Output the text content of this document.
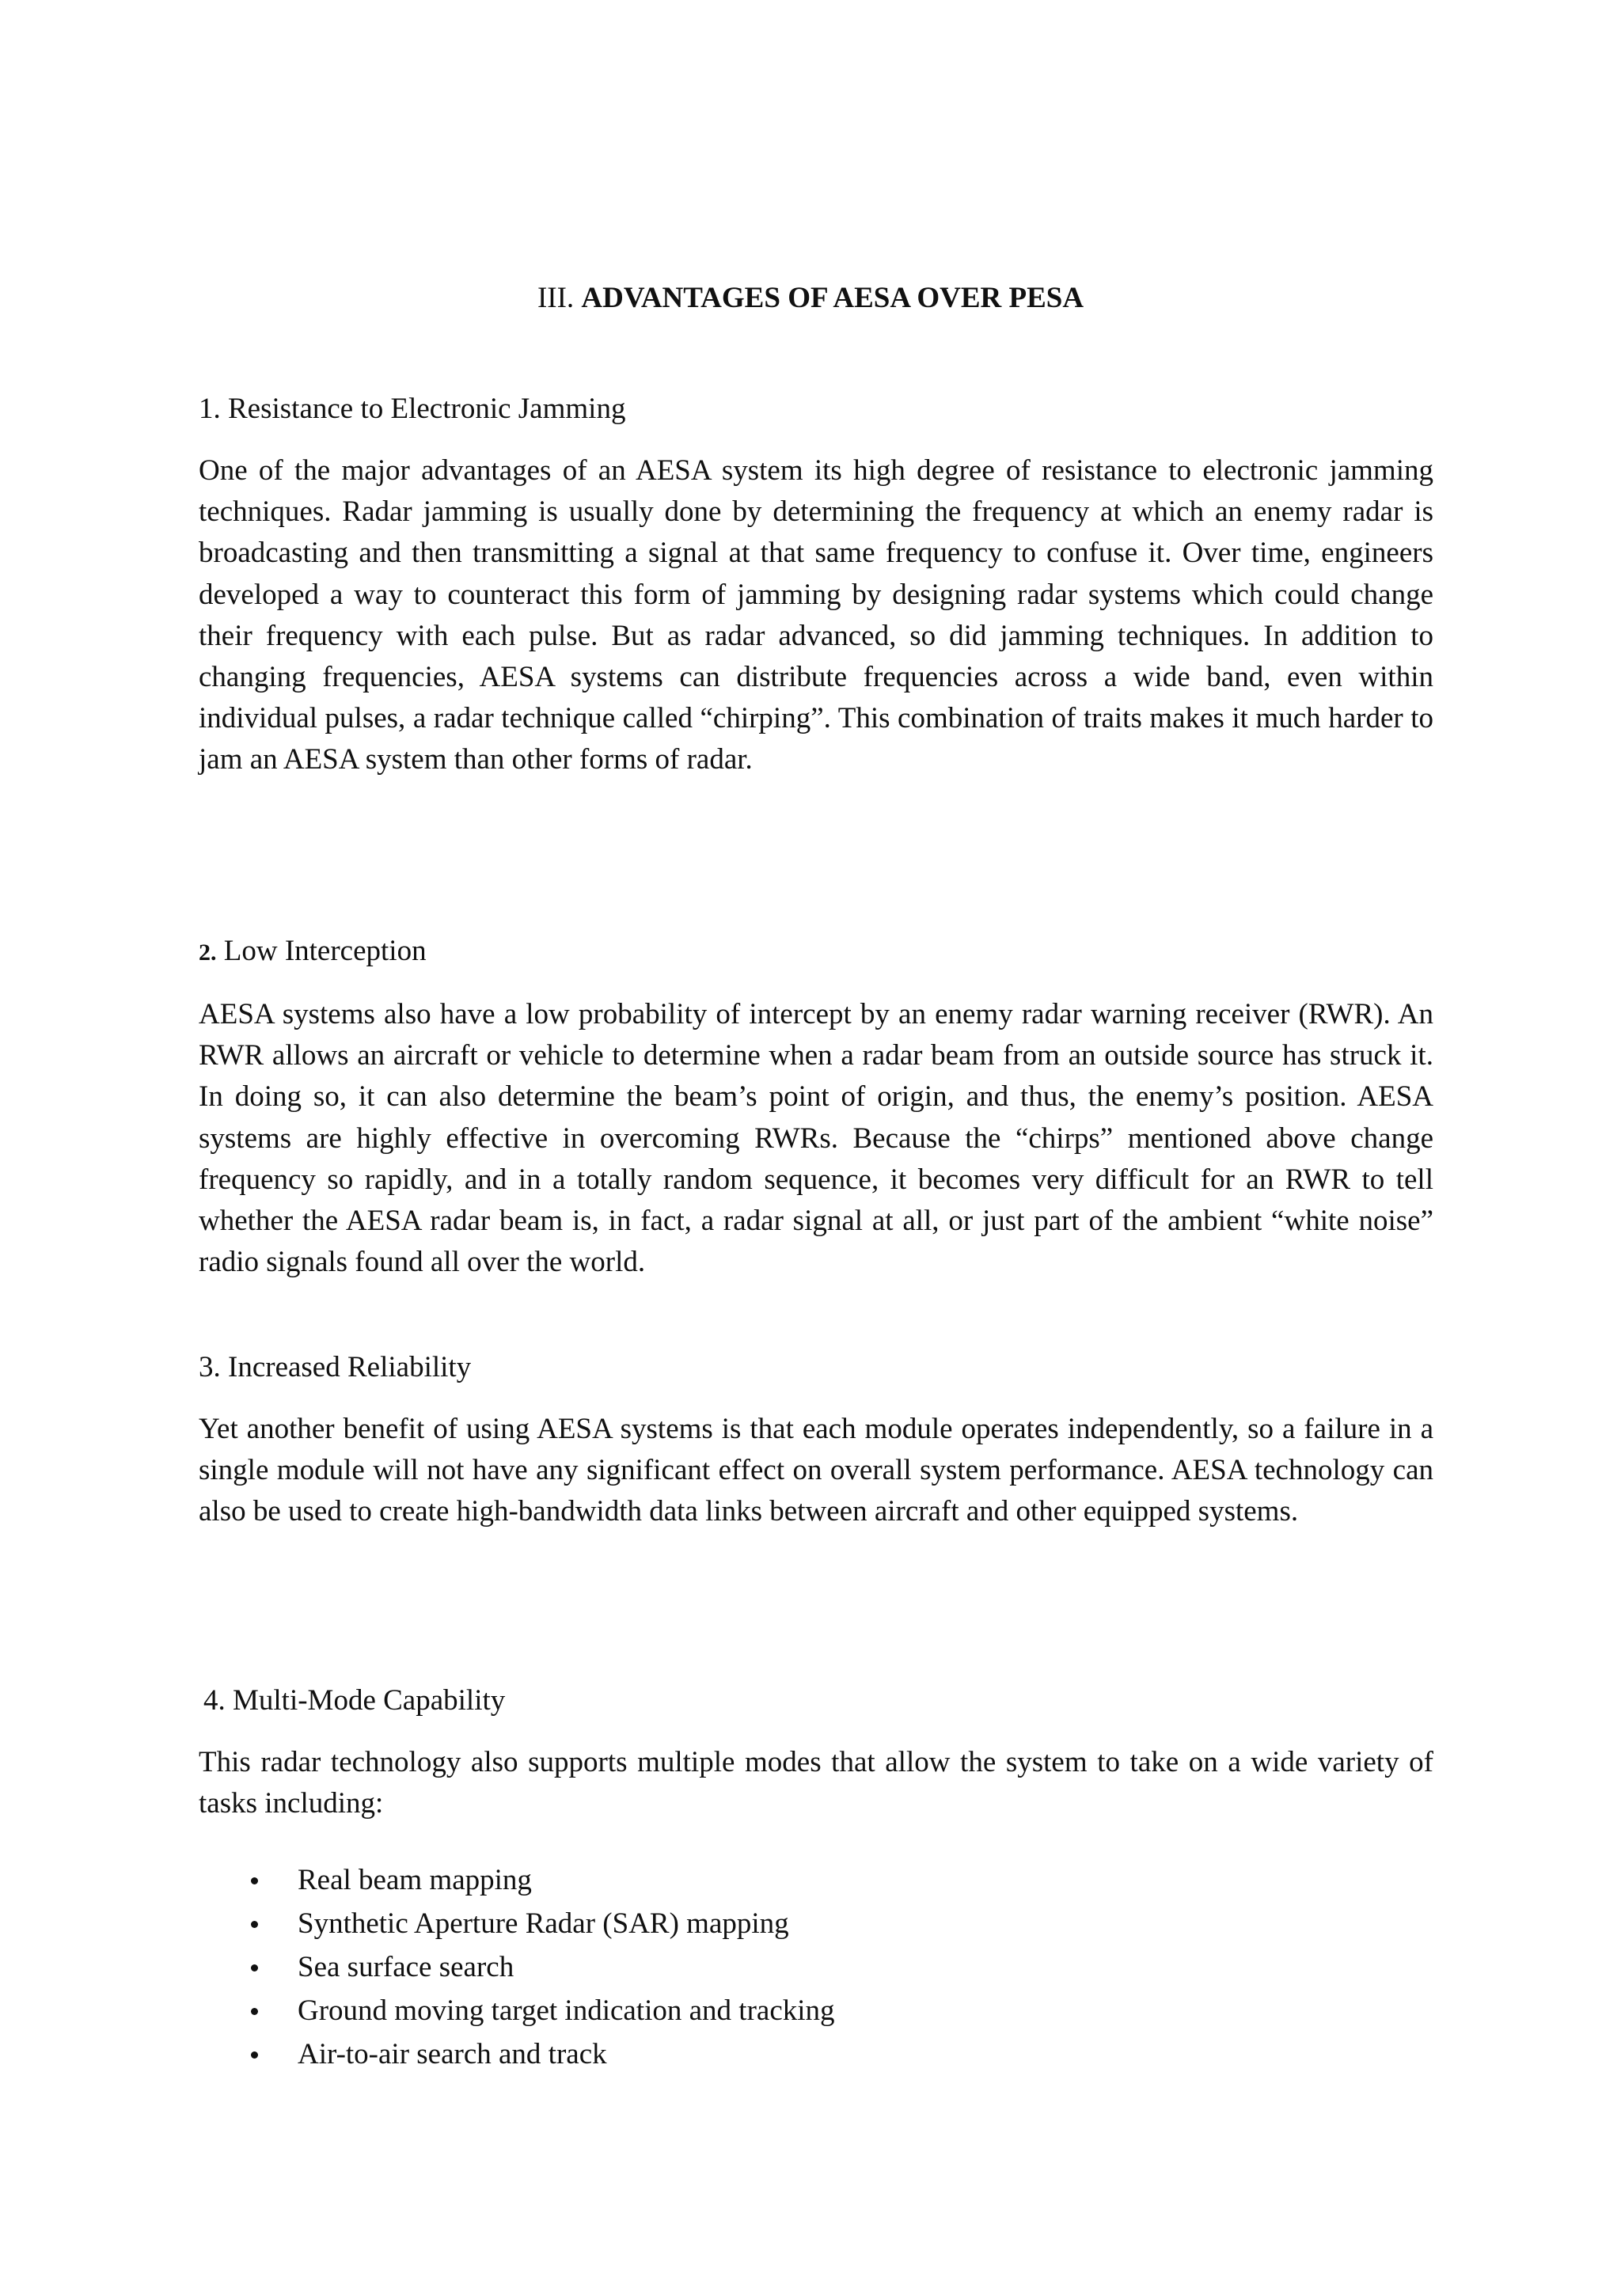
III. ADVANTAGES OF AESA OVER PESA
1. Resistance to Electronic Jamming

One of the major advantages of an AESA system its high degree of resistance to electronic jamming techniques. Radar jamming is usually done by determining the frequency at which an enemy radar is broadcasting and then transmitting a signal at that same frequency to confuse it. Over time, engineers developed a way to counteract this form of jamming by designing radar systems which could change their frequency with each pulse. But as radar advanced, so did jamming techniques. In addition to changing frequencies, AESA systems can distribute frequencies across a wide band, even within individual pulses, a radar technique called “chirping”. This combination of traits makes it much harder to jam an AESA system than other forms of radar.

2. Low Interception

AESA systems also have a low probability of intercept by an enemy radar warning receiver (RWR). An RWR allows an aircraft or vehicle to determine when a radar beam from an outside source has struck it. In doing so, it can also determine the beam’s point of origin, and thus, the enemy’s position. AESA systems are highly effective in overcoming RWRs. Because the “chirps” mentioned above change frequency so rapidly, and in a totally random sequence, it becomes very difficult for an RWR to tell whether the AESA radar beam is, in fact, a radar signal at all, or just part of the ambient “white noise” radio signals found all over the world.

3. Increased Reliability

Yet another benefit of using AESA systems is that each module operates independently, so a failure in a single module will not have any significant effect on overall system performance. AESA technology can also be used to create high-bandwidth data links between aircraft and other equipped systems.

4. Multi-Mode Capability

This radar technology also supports multiple modes that allow the system to take on a wide variety of tasks including:

Real beam mapping
Synthetic Aperture Radar (SAR) mapping
Sea surface search
Ground moving target indication and tracking
Air-to-air search and track
